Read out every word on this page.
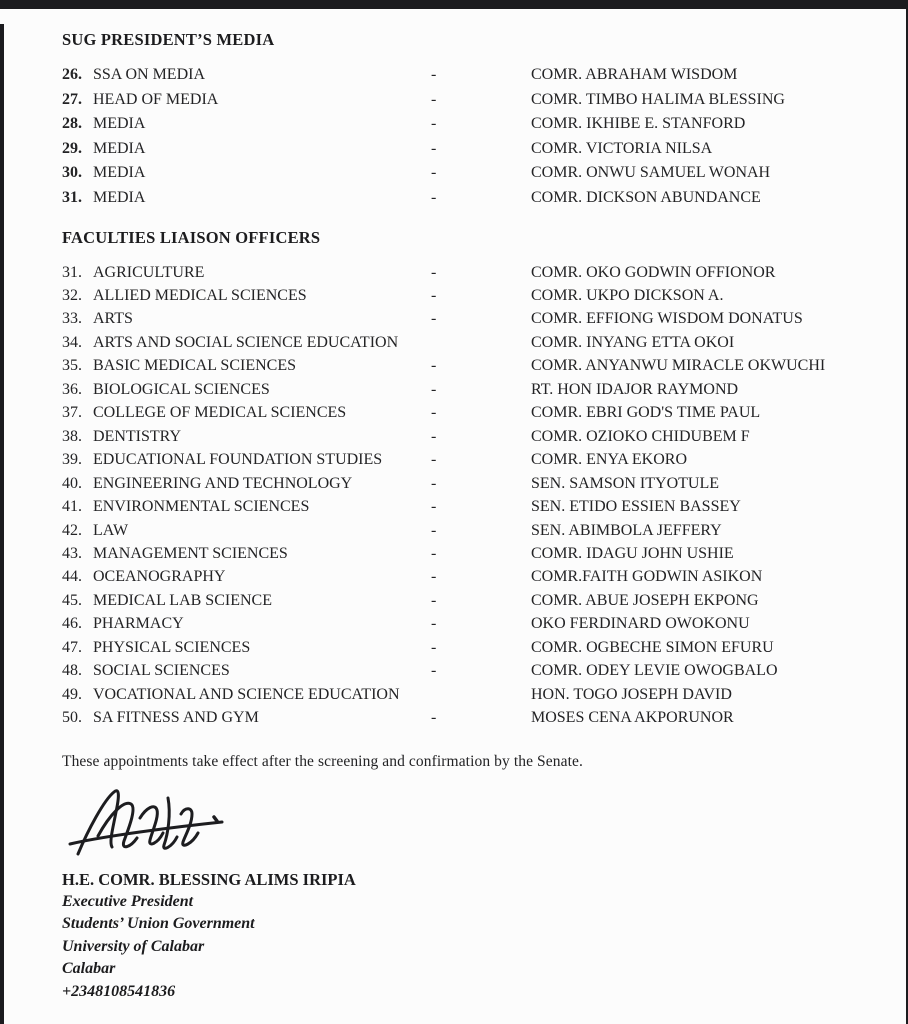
SUG PRESIDENT’S MEDIA
26. SSA ON MEDIA	-	COMR. ABRAHAM WISDOM
27. HEAD OF MEDIA	-	COMR. TIMBO HALIMA BLESSING
28. MEDIA	-	COMR. IKHIBE E. STANFORD
29. MEDIA	-	COMR. VICTORIA NILSA
30. MEDIA	-	COMR. ONWU SAMUEL WONAH
31. MEDIA	-	COMR. DICKSON ABUNDANCE
FACULTIES LIAISON OFFICERS
31. AGRICULTURE	-	COMR. OKO GODWIN OFFIONOR
32. ALLIED MEDICAL SCIENCES	-	COMR. UKPO DICKSON A.
33. ARTS	-	COMR. EFFIONG WISDOM DONATUS
34. ARTS AND SOCIAL SCIENCE EDUCATION	COMR. INYANG ETTA OKOI
35. BASIC MEDICAL SCIENCES	-	COMR. ANYANWU MIRACLE OKWUCHI
36. BIOLOGICAL SCIENCES	-	RT. HON IDAJOR RAYMOND
37. COLLEGE OF MEDICAL SCIENCES	-	COMR. EBRI GOD'S TIME PAUL
38. DENTISTRY	-	COMR. OZIOKO CHIDUBEM F
39. EDUCATIONAL FOUNDATION STUDIES	-	COMR. ENYA EKORO
40. ENGINEERING AND TECHNOLOGY	-	SEN. SAMSON ITYOTULE
41. ENVIRONMENTAL SCIENCES	-	SEN. ETIDO ESSIEN BASSEY
42. LAW	-	SEN. ABIMBOLA JEFFERY
43. MANAGEMENT SCIENCES	-	COMR. IDAGU JOHN USHIE
44. OCEANOGRAPHY	-	COMR.FAITH GODWIN ASIKON
45. MEDICAL LAB SCIENCE	-	COMR. ABUE JOSEPH EKPONG
46. PHARMACY	-	OKO FERDINARD OWOKONU
47. PHYSICAL SCIENCES	-	COMR. OGBECHE SIMON EFURU
48. SOCIAL SCIENCES	-	COMR. ODEY LEVIE OWOGBALO
49. VOCATIONAL AND SCIENCE EDUCATION	HON. TOGO JOSEPH DAVID
50. SA FITNESS AND GYM	-	MOSES CENA AKPORUNOR

These appointments take effect after the screening and confirmation by the Senate.

H.E. COMR. BLESSING ALIMS IRIPIA
Executive President
Students’ Union Government
University of Calabar
Calabar
+2348108541836
